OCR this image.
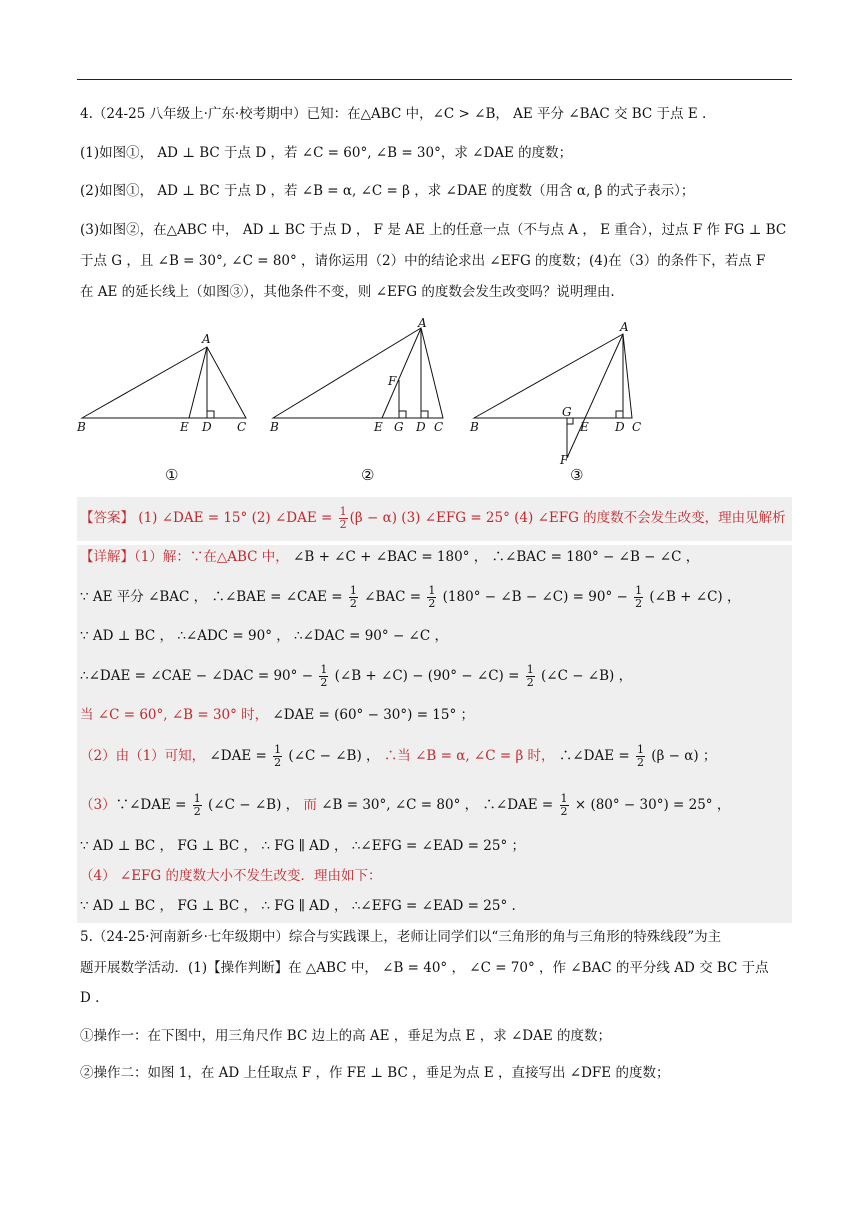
4.（24-25 八年级上·广东·校考期中）已知：在△ABC 中，∠C > ∠B， AE 平分 ∠BAC 交 BC 于点 E .
(1)如图①， AD ⊥ BC 于点 D ，若 ∠C = 60°, ∠B = 30°，求 ∠DAE 的度数；
(2)如图①， AD ⊥ BC 于点 D ，若 ∠B = α, ∠C = β ，求 ∠DAE 的度数（用含 α, β 的式子表示）；
(3)如图②，在△ABC 中， AD ⊥ BC 于点 D ， F 是 AE 上的任意一点（不与点 A ， E 重合），过点 F 作 FG ⊥ BC
于点 G ，且 ∠B = 30°, ∠C = 80° ，请你运用（2）中的结论求出 ∠EFG 的度数；(4)在（3）的条件下，若点 F
在 AE 的延长线上（如图③），其他条件不变，则 ∠EFG 的度数会发生改变吗？说明理由.
A
B	E D C
A
F
B	E G D C
A
G
B	E D C
F
①	②	③
【答案】 (1) ∠DAE = 15° (2) ∠DAE = $\frac{1}{2} (\beta - \alpha)$ (3) ∠EFG = 25° (4) ∠EFG 的度数不会发生改变，理由见解析
【详解】（1）解：∵在△ABC 中， ∠B + ∠C + ∠BAC = 180° ， ∴∠BAC = 180° − ∠B − ∠C ，
∵ AE 平分 ∠BAC ， ∴∠BAE = ∠CAE = $\frac{1}{2}$ ∠BAC = $\frac{1}{2} (180^\circ$ − ∠B − ∠C) = $90^\circ - \frac{1}{2}$ (∠B + ∠C) ，
∵ AD ⊥ BC ， ∴∠ADC = 90° ， ∴∠DAC = 90° − ∠C ，
∴∠DAE = ∠CAE − ∠DAC = $90^\circ - \frac{1}{2}$ (∠B + ∠C) − (90° − ∠C) = $\frac{1}{2}$ (∠C − ∠B) ，
当 ∠C = 60°, ∠B = 30° 时， ∠DAE = (60° − 30°) = 15° ；
（2）由（1）可知， ∠DAE = $\frac{1}{2}$ (∠C − ∠B) ， ∴当 ∠B = α, ∠C = β 时， ∴∠DAE = $\frac{1}{2} (\beta - \alpha)$ ；
（3）∵∠DAE = $\frac{1}{2}$ (∠C − ∠B) ， 而 ∠B = 30°, ∠C = 80° ， ∴∠DAE = $\frac{1}{2} \times (80^\circ - 30^\circ) = 25^\circ$ ，
∵ AD ⊥ BC ， FG ⊥ BC ， ∴ FG ∥ AD ， ∴∠EFG = ∠EAD = 25° ；
（4） ∠EFG 的度数大小不发生改变．理由如下：
∵ AD ⊥ BC ， FG ⊥ BC ， ∴ FG ∥ AD ， ∴∠EFG = ∠EAD = 25° .
5.（24-25·河南新乡·七年级期中）综合与实践课上，老师让同学们以“三角形的角与三角形的特殊线段”为主
题开展数学活动．(1)【操作判断】在 △ABC 中， ∠B = 40° ， ∠C = 70° ，作 ∠BAC 的平分线 AD 交 BC 于点
D .
①操作一：在下图中，用三角尺作 BC 边上的高 AE ，垂足为点 E ，求 ∠DAE 的度数；
②操作二：如图 1，在 AD 上任取点 F ，作 FE ⊥ BC ，垂足为点 E ，直接写出 ∠DFE 的度数；
